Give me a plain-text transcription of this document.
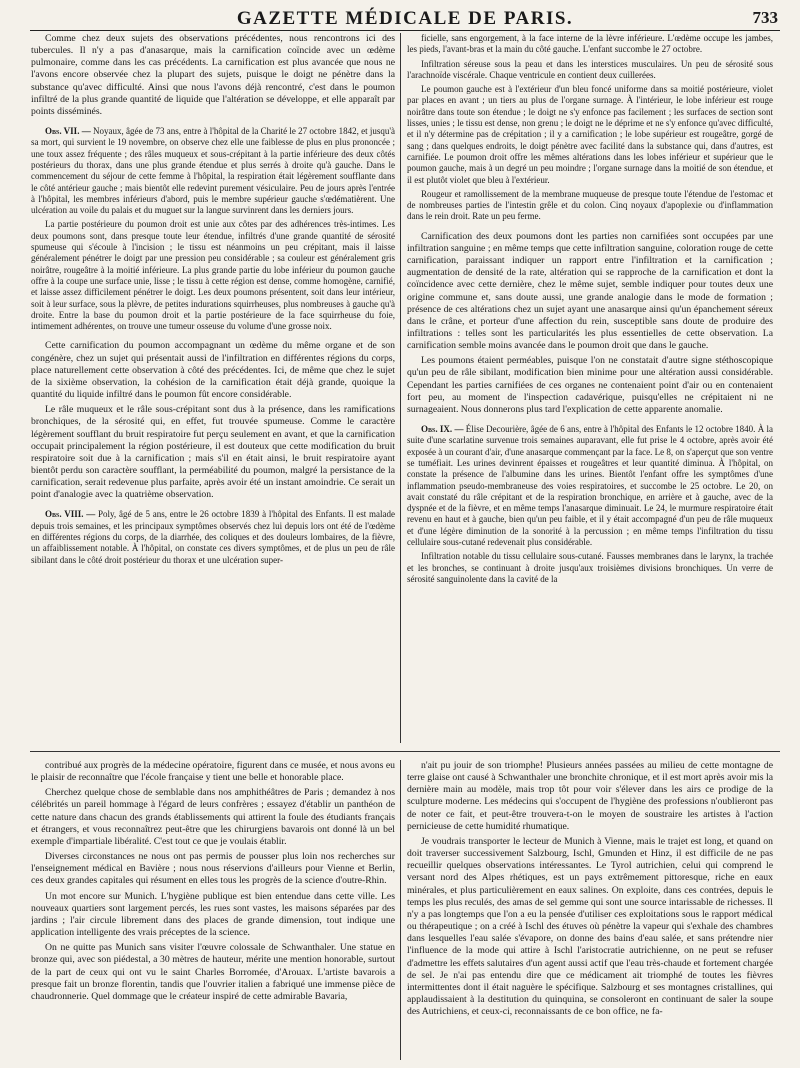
GAZETTE MÉDICALE DE PARIS.	733

Comme chez deux sujets des observations précédentes, nous rencontrons ici des tubercules. Il n'y a pas d'anasarque, mais la carnification coïncide avec un œdème pulmonaire, comme dans les cas précédents. La carnification est plus avancée que nous ne l'avons encore observée chez la plupart des sujets, puisque le doigt ne pénètre dans la substance qu'avec difficulté. Ainsi que nous l'avons déjà rencontré, c'est dans le poumon infiltré de la plus grande quantité de liquide que l'altération se développe, et elle apparaît par points disséminés.

Obs. VII. — Noyaux, âgée de 73 ans, entre à l'hôpital de la Charité le 27 octobre 1842, et jusqu'à sa mort, qui survient le 19 novembre, on observe chez elle une faiblesse de plus en plus prononcée ; une toux assez fréquente ; des râles muqueux et sous-crépitant à la partie inférieure des deux côtés postérieurs du thorax, dans une plus grande étendue et plus serrés à droite qu'à gauche. Dans le commencement du séjour de cette femme à l'hôpital, la respiration était légèrement soufflante dans le côté antérieur gauche ; mais bientôt elle redevint purement vésiculaire. Peu de jours après l'entrée à l'hôpital, les membres inférieurs d'abord, puis le membre supérieur gauche s'œdématièrent. Une ulcération au voile du palais et du muguet sur la langue survinrent dans les derniers jours.

La partie postérieure du poumon droit est unie aux côtes par des adhérences très-intimes. Les deux poumons sont, dans presque toute leur étendue, infiltrés d'une grande quantité de sérosité spumeuse qui s'écoule à l'incision ; le tissu est néanmoins un peu crépitant, mais il laisse généralement pénétrer le doigt par une pression peu considérable ; sa couleur est généralement gris noirâtre, rougeâtre à la moitié inférieure. La plus grande partie du lobe inférieur du poumon gauche offre à la coupe une surface unie, lisse ; le tissu à cette région est dense, comme homogène, carnifié, et laisse assez difficilement pénétrer le doigt. Les deux poumons présentent, soit dans leur intérieur, soit à leur surface, sous la plèvre, de petites indurations squirrheuses, plus nombreuses à gauche qu'à droite. Entre la base du poumon droit et la partie postérieure de la face squirrheuse du foie, intimement adhérentes, on trouve une tumeur osseuse du volume d'une grosse noix.

Cette carnification du poumon accompagnant un œdème du même organe et de son congénère, chez un sujet qui présentait aussi de l'infiltration en différentes régions du corps, place naturellement cette observation à côté des précédentes. Ici, de même que chez le sujet de la sixième observation, la cohésion de la carnification était déjà grande, quoique la quantité du liquide infiltré dans le poumon fût encore considérable.

Le râle muqueux et le râle sous-crépitant sont dus à la présence, dans les ramifications bronchiques, de la sérosité qui, en effet, fut trouvée spumeuse. Comme le caractère légèrement soufflant du bruit respiratoire fut perçu seulement en avant, et que la carnification occupait principalement la région postérieure, il est douteux que cette modification du bruit respiratoire soit due à la carnification ; mais s'il en était ainsi, le bruit respiratoire ayant bientôt perdu son caractère soufflant, la perméabilité du poumon, malgré la persistance de la carnification, serait redevenue plus parfaite, après avoir été un instant amoindrie. Ce serait un point d'analogie avec la quatrième observation.

Obs. VIII. — Poly, âgé de 5 ans, entre le 26 octobre 1839 à l'hôpital des Enfants. Il est malade depuis trois semaines, et les principaux symptômes observés chez lui depuis lors ont été de l'œdème en différentes régions du corps, de la diarrhée, des coliques et des douleurs lombaires, de la fièvre, un affaiblissement notable. À l'hôpital, on constate ces divers symptômes, et de plus un peu de râle sibilant dans le côté droit postérieur du thorax et une ulcération super-

ficielle, sans engorgement, à la face interne de la lèvre inférieure. L'œdème occupe les jambes, les pieds, l'avant-bras et la main du côté gauche. L'enfant succombe le 27 octobre.

Infiltration séreuse sous la peau et dans les interstices musculaires. Un peu de sérosité sous l'arachnoïde viscérale. Chaque ventricule en contient deux cuillerées.

Le poumon gauche est à l'extérieur d'un bleu foncé uniforme dans sa moitié postérieure, violet par places en avant ; un tiers au plus de l'organe surnage. À l'intérieur, le lobe inférieur est rouge noirâtre dans toute son étendue ; le doigt ne s'y enfonce pas facilement ; les surfaces de section sont lisses, unies ; le tissu est dense, non grenu ; le doigt ne le déprime et ne s'y enfonce qu'avec difficulté, et il n'y détermine pas de crépitation ; il y a carnification ; le lobe supérieur est rougeâtre, gorgé de sang ; dans quelques endroits, le doigt pénètre avec facilité dans la substance qui, dans d'autres, est carnifiée. Le poumon droit offre les mêmes altérations dans les lobes inférieur et supérieur que le poumon gauche, mais à un degré un peu moindre ; l'organe surnage dans la moitié de son étendue, et il est plutôt violet que bleu à l'extérieur.

Rougeur et ramollissement de la membrane muqueuse de presque toute l'étendue de l'estomac et de nombreuses parties de l'intestin grêle et du colon. Cinq noyaux d'apoplexie ou d'inflammation dans le rein droit. Rate un peu ferme.

Carnification des deux poumons dont les parties non carnifiées sont occupées par une infiltration sanguine ; en même temps que cette infiltration sanguine, coloration rouge de cette carnification, paraissant indiquer un rapport entre l'infiltration et la carnification ; augmentation de densité de la rate, altération qui se rapproche de la carnification et dont la coïncidence avec cette dernière, chez le même sujet, semble indiquer pour toutes deux une origine commune et, sans doute aussi, une grande analogie dans le mode de formation ; présence de ces altérations chez un sujet ayant une anasarque ainsi qu'un épanchement séreux dans le crâne, et porteur d'une affection du rein, susceptible sans doute de produire des infiltrations : telles sont les particularités les plus essentielles de cette observation. La carnification semble moins avancée dans le poumon droit que dans le gauche.

Les poumons étaient perméables, puisque l'on ne constatait d'autre signe stéthoscopique qu'un peu de râle sibilant, modification bien minime pour une altération aussi considérable. Cependant les parties carnifiées de ces organes ne contenaient point d'air ou en contenaient fort peu, au moment de l'inspection cadavérique, puisqu'elles ne crépitaient ni ne surnageaient. Nous donnerons plus tard l'explication de cette apparente anomalie.

Obs. IX. — Élise Decourière, âgée de 6 ans, entre à l'hôpital des Enfants le 12 octobre 1840. À la suite d'une scarlatine survenue trois semaines auparavant, elle fut prise le 4 octobre, après avoir été exposée à un courant d'air, d'une anasarque commençant par la face. Le 8, on s'aperçut que son ventre se tuméfiait. Les urines devinrent épaisses et rougeâtres et leur quantité diminua. À l'hôpital, on constate la présence de l'albumine dans les urines. Bientôt l'enfant offre les symptômes d'une inflammation pseudo-membraneuse des voies respiratoires, et succombe le 25 octobre. Le 20, on avait constaté du râle crépitant et de la respiration bronchique, en arrière et à gauche, avec de la dyspnée et de la fièvre, et en même temps l'anasarque diminuait. Le 24, le murmure respiratoire était revenu en haut et à gauche, bien qu'un peu faible, et il y était accompagné d'un peu de râle muqueux et d'une légère diminution de la sonorité à la percussion ; en même temps l'infiltration du tissu cellulaire sous-cutané redevenait plus considérable.

Infiltration notable du tissu cellulaire sous-cutané. Fausses membranes dans le larynx, la trachée et les bronches, se continuant à droite jusqu'aux troisièmes divisions bronchiques. Un verre de sérosité sanguinolente dans la cavité de la

contribué aux progrès de la médecine opératoire, figurent dans ce musée, et nous avons eu le plaisir de reconnaître que l'école française y tient une belle et honorable place.

Cherchez quelque chose de semblable dans nos amphithéâtres de Paris ; demandez à nos célébrités un pareil hommage à l'égard de leurs confrères ; essayez d'établir un panthéon de cette nature dans chacun des grands établissements qui attirent la foule des étudiants français et étrangers, et vous reconnaîtrez peut-être que les chirurgiens bavarois ont donné là un bel exemple d'impartiale libéralité. C'est tout ce que je voulais établir.

Diverses circonstances ne nous ont pas permis de pousser plus loin nos recherches sur l'enseignement médical en Bavière ; nous nous réservions d'ailleurs pour Vienne et Berlin, ces deux grandes capitales qui résument en elles tous les progrès de la science d'outre-Rhin.

Un mot encore sur Munich. L'hygiène publique est bien entendue dans cette ville. Les nouveaux quartiers sont largement percés, les rues sont vastes, les maisons séparées par des jardins ; l'air circule librement dans des places de grande dimension, tout indique une application intelligente des vrais préceptes de la science.

On ne quitte pas Munich sans visiter l'œuvre colossale de Schwanthaler. Une statue en bronze qui, avec son piédestal, a 30 mètres de hauteur, mérite une mention honorable, surtout de la part de ceux qui ont vu le saint Charles Borromée, d'Arouax. L'artiste bavarois a presque fait un bronze florentin, tandis que l'ouvrier italien a fabriqué une immense pièce de chaudronnerie. Quel dommage que le créateur inspiré de cette admirable Bavaria,

n'ait pu jouir de son triomphe! Plusieurs années passées au milieu de cette montagne de terre glaise ont causé à Schwanthaler une bronchite chronique, et il est mort après avoir mis la dernière main au modèle, mais trop tôt pour voir s'élever dans les airs ce prodige de la sculpture moderne. Les médecins qui s'occupent de l'hygiène des professions n'oublieront pas de noter ce fait, et peut-être trouvera-t-on le moyen de soustraire les artistes à l'action pernicieuse de cette humidité rhumatique.

Je voudrais transporter le lecteur de Munich à Vienne, mais le trajet est long, et quand on doit traverser successivement Salzbourg, Ischl, Gmunden et Hinz, il est difficile de ne pas recueillir quelques observations intéressantes. Le Tyrol autrichien, celui qui comprend le versant nord des Alpes rhétiques, est un pays extrêmement pittoresque, riche en eaux minérales, et plus particulièrement en eaux salines. On exploite, dans ces contrées, depuis le temps les plus reculés, des amas de sel gemme qui sont une source intarissable de richesses. Il n'y a pas longtemps que l'on a eu la pensée d'utiliser ces exploitations sous le rapport médical ou thérapeutique ; on a créé à Ischl des étuves où pénètre la vapeur qui s'exhale des chambres dans lesquelles l'eau salée s'évapore, on donne des bains d'eau salée, et sans prétendre nier l'influence de la mode qui attire à Ischl l'aristocratie autrichienne, on ne peut se refuser d'admettre les effets salutaires d'un agent aussi actif que l'eau très-chaude et fortement chargée de sel. Je n'ai pas entendu dire que ce médicament ait triomphé de toutes les fièvres intermittentes dont il était naguère le spécifique. Salzbourg et ses montagnes cristallines, qui applaudissaient à la destitution du quinquina, se consoleront en continuant de saler la soupe des Autrichiens, et ceux-ci, reconnaissants de ce bon office, ne fa-
